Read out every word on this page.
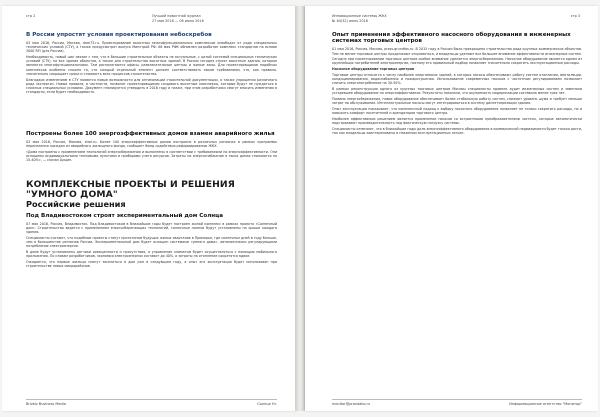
стр 2	Лучший новостной журнал
27 мая 2016 — 06 июня 2016
В России упростят условия проектирования небоскребов

03 мая 2016, Россия, Москва, dom73.ru. Проектирование высотных многофункциональных комплексов освободят от ряда специальных технических условий (СТУ), а также предусмотрят выпуск Минстрой РФ. 06 мая РФК обновлен разработан комплекс стандартов на основе 3000 RFI (для России).

Необходимость, новый шаг связан с тем, что в большие строительные объекты не актуальные, с целой системой специальных технических условий (СТУ), на все здания объектов, а также для строительство высотных зданий. В России сегодня строят высотные здания, которые являются многофункциональными. Там располагаются офисы, развлекательные центры и жилые зоны. Для проектировщиков подобных комплексов особенно сложно то, что каждый отдельный элемент должен соответствовать своим требованиям, что, как правило, значительно сокращает сроки и стоимость всех процессов строительства.

Благодаря изменениям в СТУ появятся новые возможности для оптимизации строительной документации, а также упрощения различного рода экспертиз. Новые правила, в частности, позволят проектировщикам создавать высотные комплексы, которые будут не нуждаться в сложных специальных условиях. Документ планируется утвердить в 2016 году и позже, при этом разработчики смогут вносить изменения в стандарты, если будет необходимость.

Построены более 100 энергоэффективных домов взамен аварийного жилья

03 мая 2016, Россия, Москва, stroi.ru. Более 100 энергоэффективных домов построено в различных регионах в рамках программы переселения граждан из аварийного жилищного фонда, сообщает Фонд содействия реформированию ЖКХ.

«Дома построены с применением технологий энергосбережения и выполнены в соответствии с требованиями по энергоэффективности. Они оснащены индивидуальными тепловыми пунктами и приборами учета ресурсов. Затраты на энергоснабжение в таких домах снижаются на 15-40%», — сказал Цицин.

КОМПЛЕКСНЫЕ ПРОЕКТЫ И РЕШЕНИЯ "УМНОГО ДОМА"
Российские решения
Под Владивостоком строят экспериментальный дом Солнца

07 мая 2016, Россия, Владивосток. Под Владивостоком в ближайшие годы будет построен жилой комплекс в рамках проекта «Солнечный дом». Строительство ведется с применением энергосберегающих технологий, солнечные панели будут установлены на крыше каждого здания.

Специалисты считают, что подобные проекты станут прототипом будущих жилых кварталов в Приморье, где солнечных дней в году больше, чем в большинстве регионов России. Экспериментальный дом будет оснащен системами «умного дома», автоматически регулирующими потребление электроэнергии.

В доме будут установлены датчики освещенности и присутствия, а управление климатом будет осуществляться с помощью мобильного приложения. По словам разработчиков, экономия электроэнергии составит до 40%, а затраты на отопление сократятся вдвое.

Ожидается, что первые жильцы смогут заселиться в дом уже в следующем году, а опыт его эксплуатации будет использован при строительстве новых микрорайонов.

Brizbiz Business Media	Солнце Уз.
Инновационные системы ЖКХ
№ 64(32) июнь 2016
стр 3
Опыт применения эффективного насосного оборудования в инженерных системах торговых центров

01 мая 2016, Россия, Москва, press-grundfos.ru. В 2015 году в России было прекращено строительство ряда крупных коммерческих объектов. Тем не менее торговые центры продолжают открываться, и владельцы уделяют все большее внимание эффективности инженерных систем.

Сегодня при проектировании торговых центров особое внимание уделяется энергосбережению. Насосное оборудование является одним из крупнейших потребителей электроэнергии, поэтому его правильный подбор позволяет значительно сократить эксплуатационные расходы.

Насосное оборудование торговых центров

Торговые центры относятся к числу наиболее энергоемких зданий, в которых насосы обеспечивают работу систем отопления, вентиляции, кондиционирования, водоснабжения и пожаротушения. Использование современных насосов с частотным регулированием позволяет снизить энергопотребление на 30-50%.

В рамках реконструкции одного из крупных торговых центров Москвы специалисты провели аудит инженерных систем и заменили устаревшее оборудование на энергоэффективное. Результаты показали, что окупаемость модернизации составила менее трех лет.

Помимо энергосбережения, новое оборудование обеспечивает более стабильную работу систем, снижает уровень шума и требует меньше затрат на обслуживание. Интеллектуальные насосы могут интегрироваться в систему диспетчеризации здания.

Опыт эксплуатации показывает, что комплексный подход к выбору насосного оборудования позволяет не только сократить расходы, но и повысить комфорт посетителей и арендаторов торгового центра.

Наиболее эффективным решением является применение насосов со встроенными преобразователями частоты, которые автоматически подстраивают производительность под фактическую нагрузку системы.

Специалисты отмечают, что в ближайшие годы доля энергоэффективного оборудования в коммерческой недвижимости будет только расти, так как владельцы заинтересованы в снижении эксплуатационных затрат.

monitor@pravdako.ru	Информационное агентство "Монитор"
